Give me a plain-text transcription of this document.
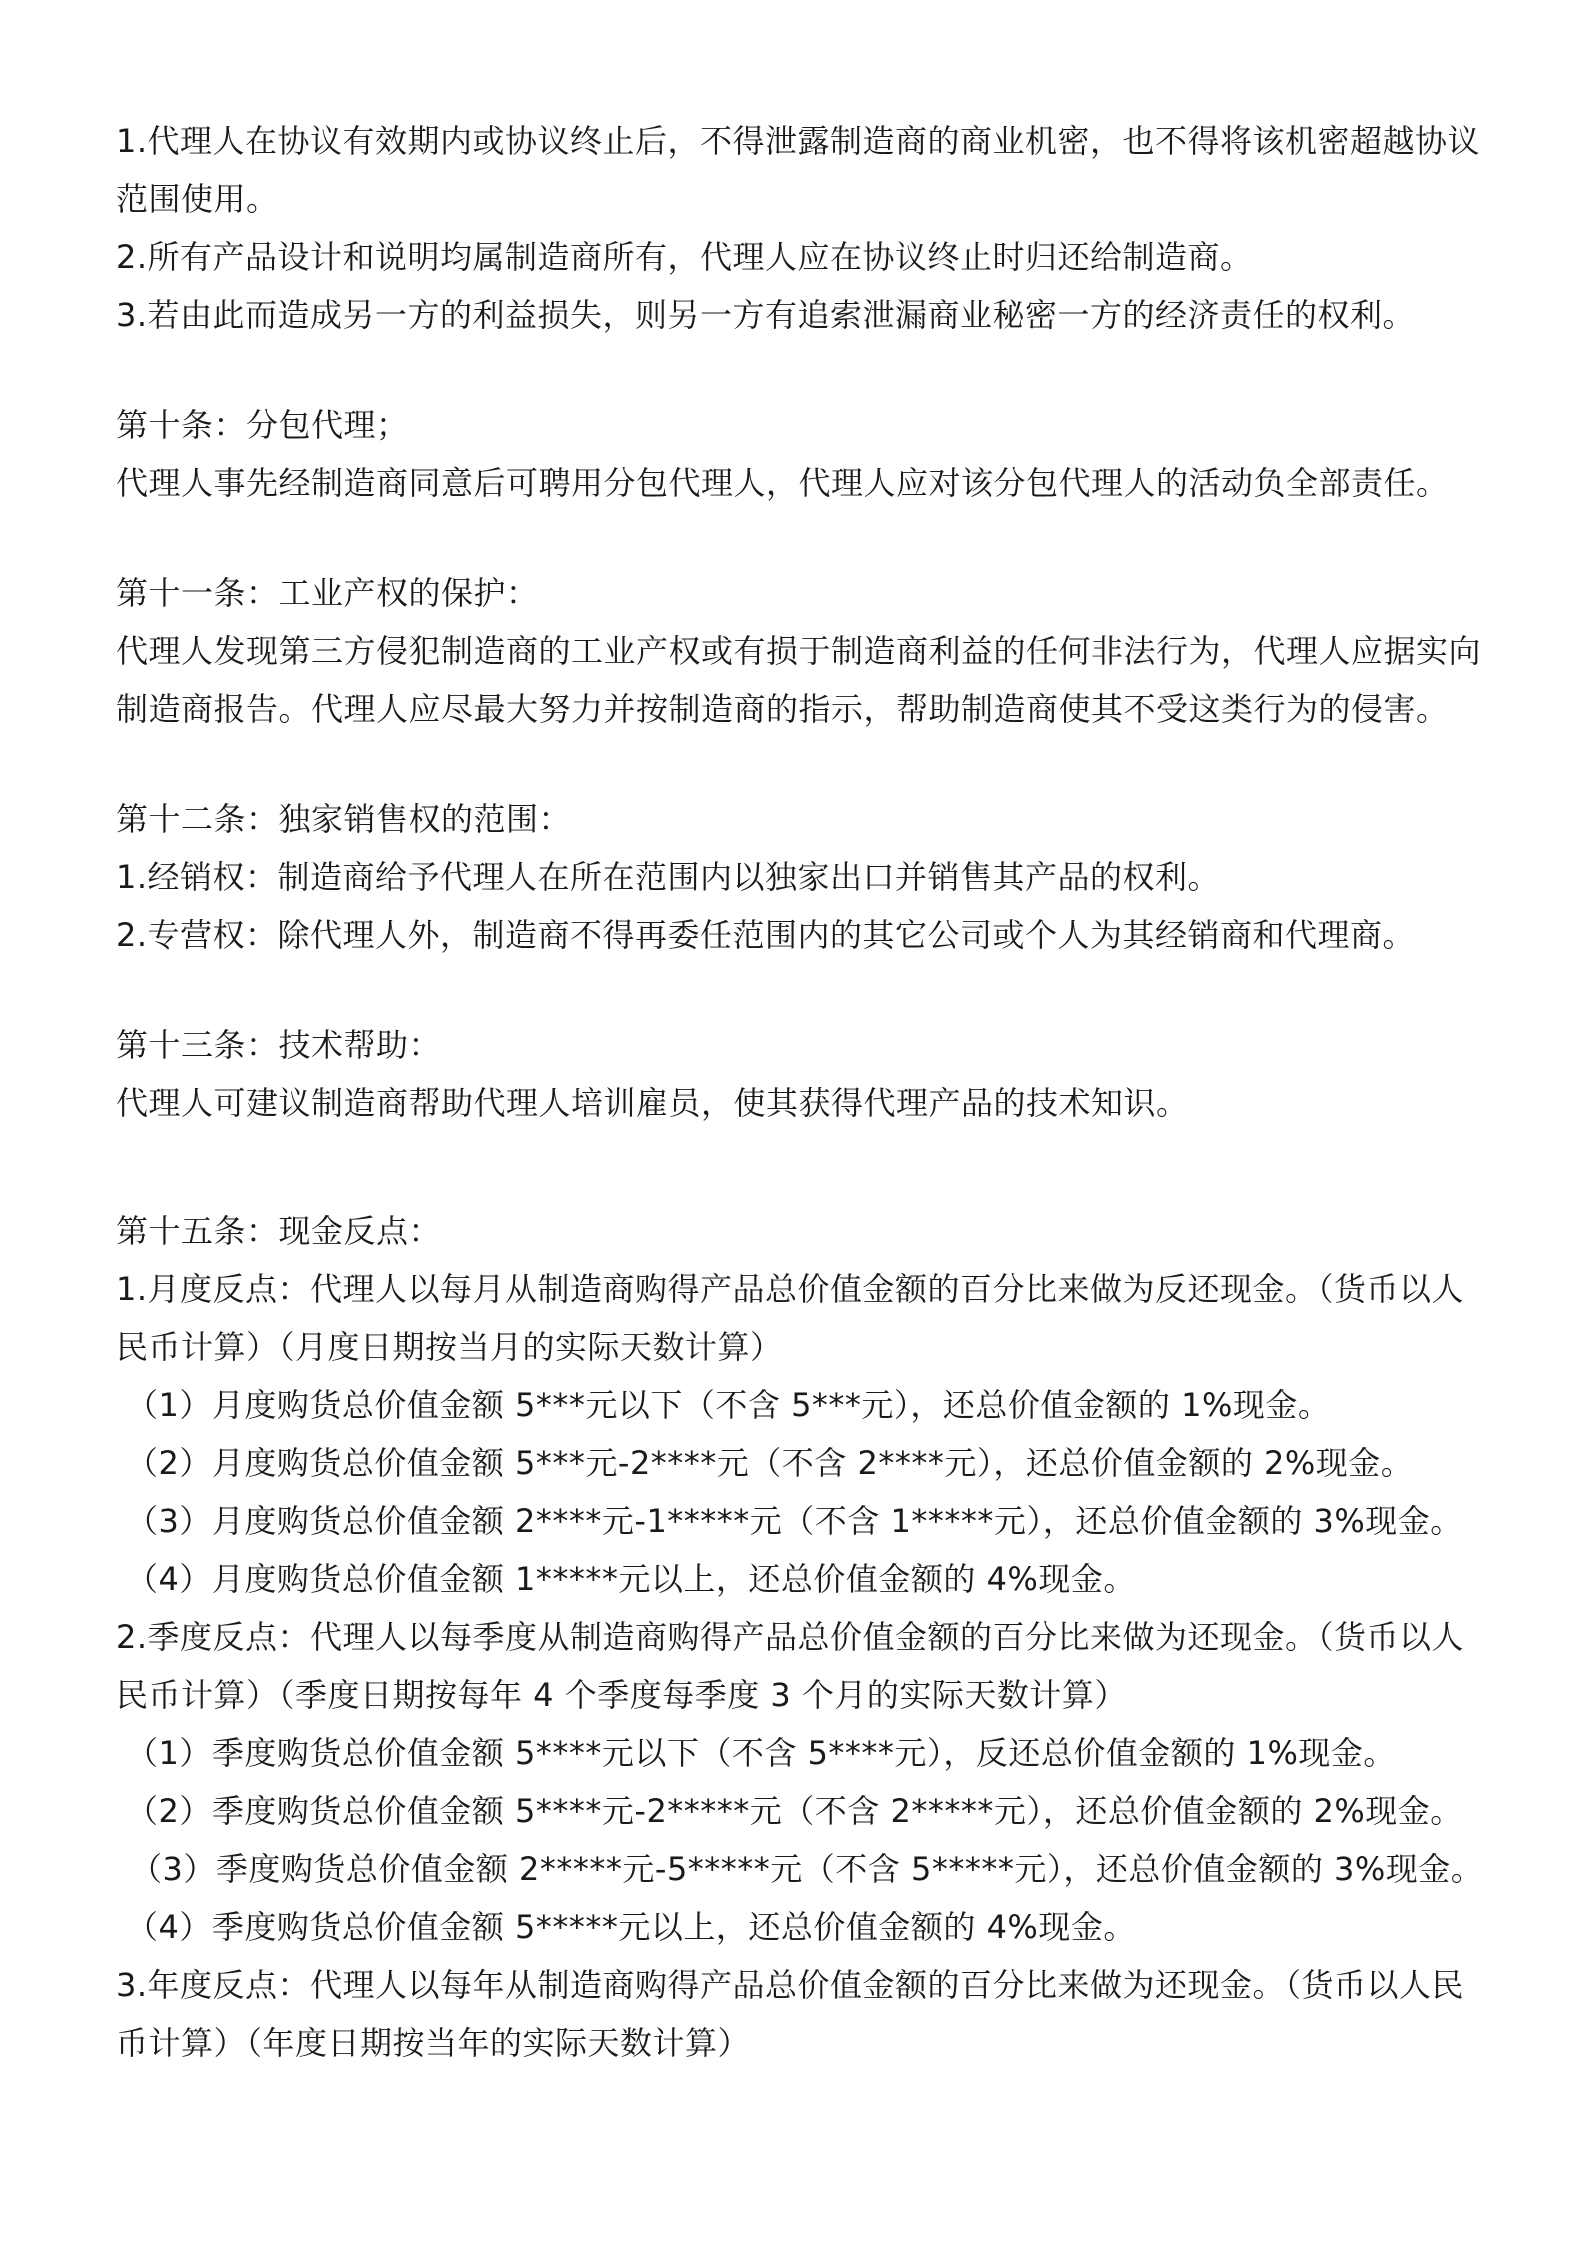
1.代理人在协议有效期内或协议终止后，不得泄露制造商的商业机密，也不得将该机密超越协议范围使用。
2.所有产品设计和说明均属制造商所有，代理人应在协议终止时归还给制造商。
3.若由此而造成另一方的利益损失，则另一方有追索泄漏商业秘密一方的经济责任的权利。
第十条：分包代理；
代理人事先经制造商同意后可聘用分包代理人，代理人应对该分包代理人的活动负全部责任。
第十一条：工业产权的保护：
代理人发现第三方侵犯制造商的工业产权或有损于制造商利益的任何非法行为，代理人应据实向制造商报告。代理人应尽最大努力并按制造商的指示，帮助制造商使其不受这类行为的侵害。
第十二条：独家销售权的范围：
1.经销权：制造商给予代理人在所在范围内以独家出口并销售其产品的权利。
2.专营权：除代理人外，制造商不得再委任范围内的其它公司或个人为其经销商和代理商。
第十三条：技术帮助：
代理人可建议制造商帮助代理人培训雇员，使其获得代理产品的技术知识。
第十五条：现金反点：
1.月度反点：代理人以每月从制造商购得产品总价值金额的百分比来做为反还现金。（货币以人民币计算）（月度日期按当月的实际天数计算）
（1）月度购货总价值金额 5***元以下（不含 5***元），还总价值金额的 1%现金。
（2）月度购货总价值金额 5***元-2****元（不含 2****元），还总价值金额的 2%现金。
（3）月度购货总价值金额 2****元-1*****元（不含 1*****元），还总价值金额的 3%现金。
（4）月度购货总价值金额 1*****元以上，还总价值金额的 4%现金。
2.季度反点：代理人以每季度从制造商购得产品总价值金额的百分比来做为还现金。（货币以人民币计算）（季度日期按每年 4 个季度每季度 3 个月的实际天数计算）
（1）季度购货总价值金额 5****元以下（不含 5****元），反还总价值金额的 1%现金。
（2）季度购货总价值金额 5****元-2*****元（不含 2*****元），还总价值金额的 2%现金。
（3）季度购货总价值金额 2*****元-5*****元（不含 5*****元），还总价值金额的 3%现金。
（4）季度购货总价值金额 5*****元以上，还总价值金额的 4%现金。
3.年度反点：代理人以每年从制造商购得产品总价值金额的百分比来做为还现金。（货币以人民币计算）（年度日期按当年的实际天数计算）
